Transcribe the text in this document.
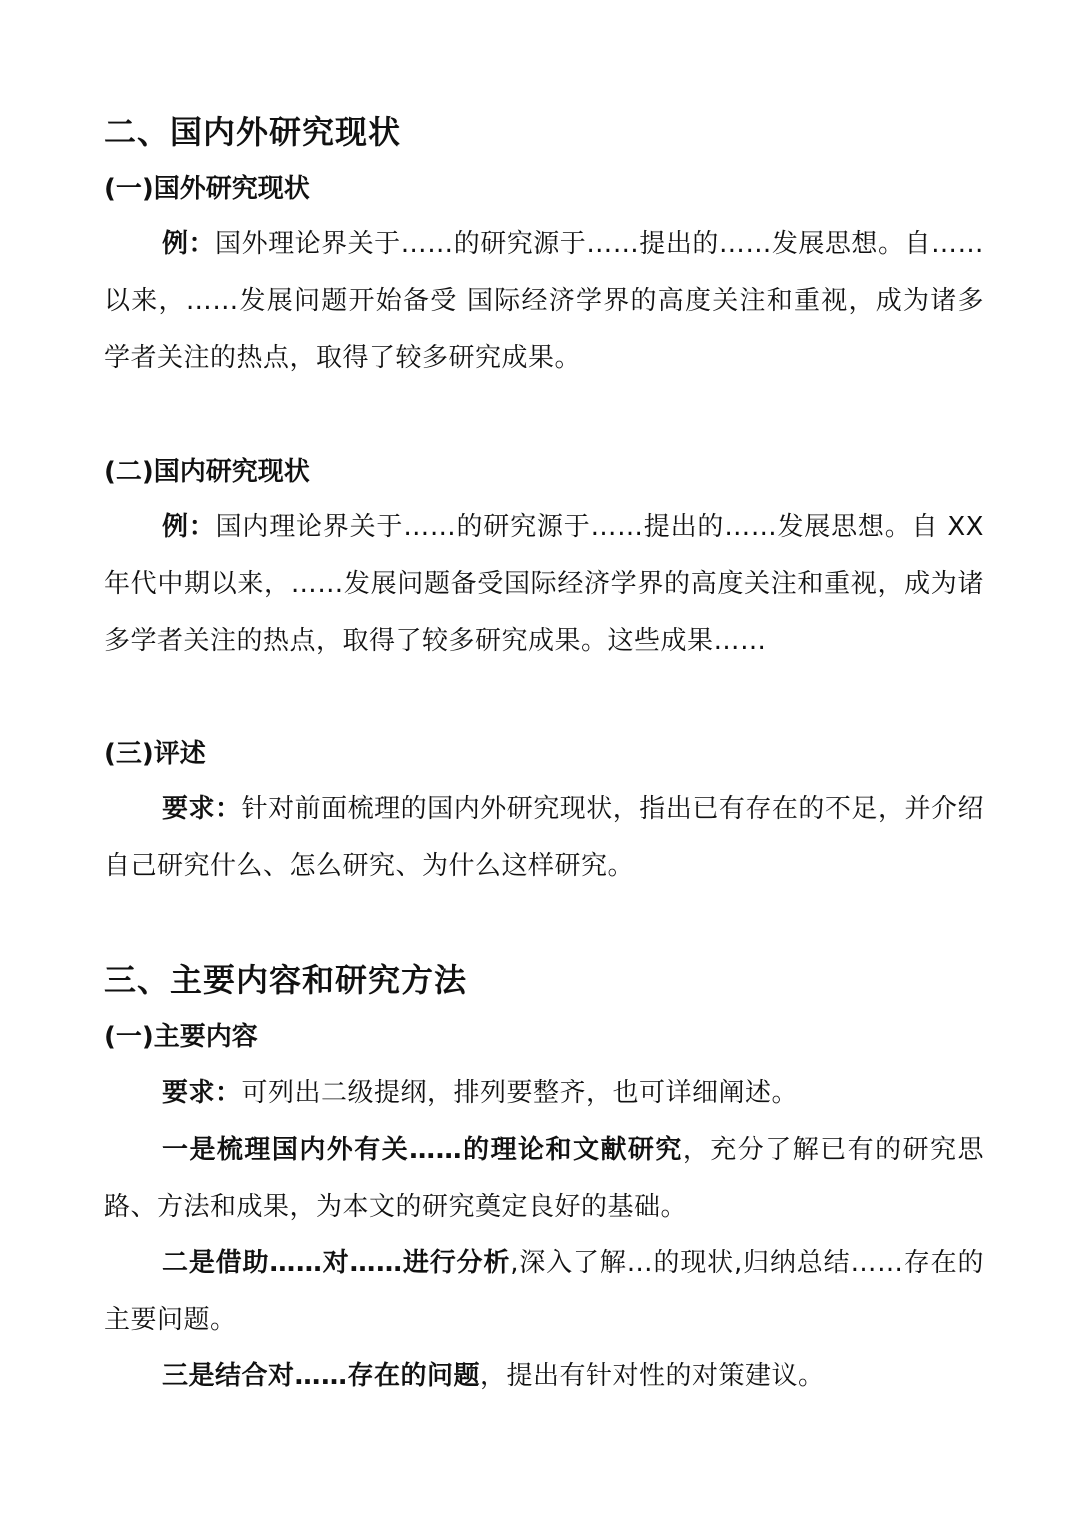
二、国内外研究现状
(一)国外研究现状
例：国外理论界关于……的研究源于……提出的……发展思想。自……以来，……发展问题开始备受 国际经济学界的高度关注和重视，成为诸多学者关注的热点，取得了较多研究成果。
(二)国内研究现状
例：国内理论界关于……的研究源于……提出的……发展思想。自 XX 年代中期以来，……发展问题备受国际经济学界的高度关注和重视，成为诸多学者关注的热点，取得了较多研究成果。这些成果……
(三)评述
要求：针对前面梳理的国内外研究现状，指出已有存在的不足，并介绍自己研究什么、怎么研究、为什么这样研究。
三、主要内容和研究方法
(一)主要内容
要求：可列出二级提纲，排列要整齐，也可详细阐述。
一是梳理国内外有关……的理论和文献研究，充分了解已有的研究思路、方法和成果，为本文的研究奠定良好的基础。
二是借助……对……进行分析,深入了解…的现状,归纳总结……存在的主要问题。
三是结合对……存在的问题，提出有针对性的对策建议。
